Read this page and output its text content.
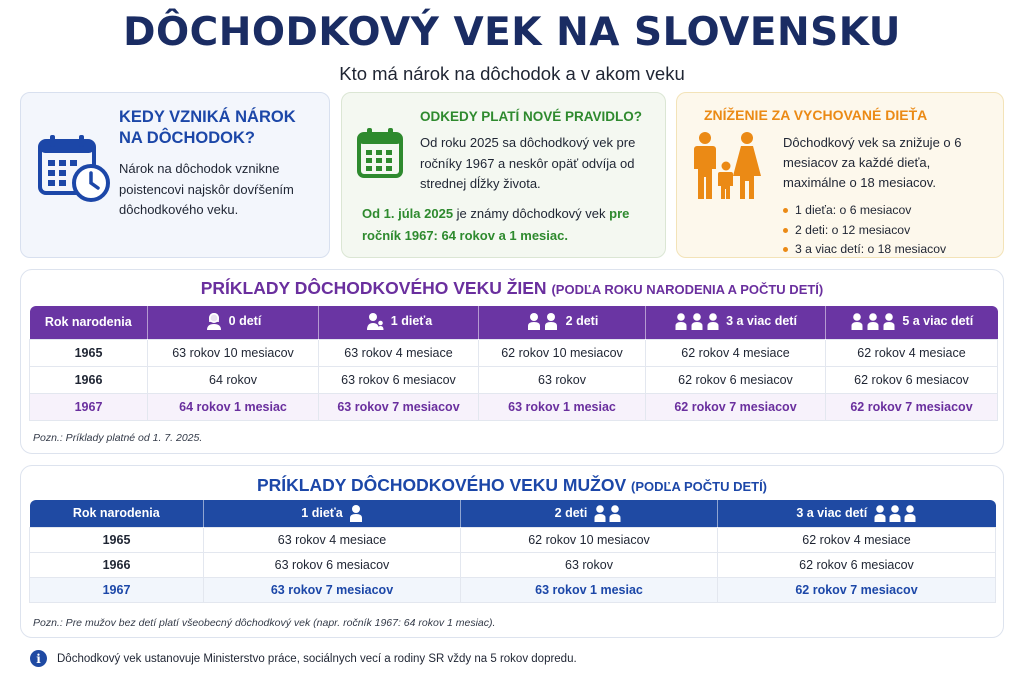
DÔCHODKOVÝ VEK NA SLOVENSKU
Kto má nárok na dôchodok a v akom veku
KEDY VZNIKÁ NÁROK
NA DÔCHODOK?
Nárok na dôchodok vznikne poistencovi najskôr dovŕšením dôchodkového veku.
ODKEDY PLATÍ NOVÉ PRAVIDLO?
Od roku 2025 sa dôchodkový vek pre ročníky 1967 a neskôr opäť odvíja od strednej dĺžky života.
Od 1. júla 2025 je známy dôchodkový vek pre ročník 1967: 64 rokov a 1 mesiac.
ZNÍŽENIE ZA VYCHOVANÉ DIEŤA
Dôchodkový vek sa znižuje o 6 mesiacov za každé dieťa, maximálne o 18 mesiacov.
1 dieťa: o 6 mesiacov
2 deti: o 12 mesiacov
3 a viac detí: o 18 mesiacov
PRÍKLADY DÔCHODKOVÉHO VEKU ŽIEN (PODĽA ROKU NARODENIA A POČTU DETÍ)
Rok narodenia	0 detí	1 dieťa	2 deti	3 a viac detí	5 a viac detí

1965	63 rokov 10 mesiacov	63 rokov 4 mesiace	62 rokov 10 mesiacov	62 rokov 4 mesiace	62 rokov 4 mesiace
1966	64 rokov	63 rokov 6 mesiacov	63 rokov	62 rokov 6 mesiacov	62 rokov 6 mesiacov
1967	64 rokov 1 mesiac	63 rokov 7 mesiacov	63 rokov 1 mesiac	62 rokov 7 mesiacov	62 rokov 7 mesiacov
Pozn.: Príklady platné od 1. 7. 2025.
PRÍKLADY DÔCHODKOVÉHO VEKU MUŽOV (PODĽA POČTU DETÍ)
Rok narodenia	1 dieťa	2 deti	3 a viac detí

1965	63 rokov 4 mesiace	62 rokov 10 mesiacov	62 rokov 4 mesiace
1966	63 rokov 6 mesiacov	63 rokov	62 rokov 6 mesiacov
1967	63 rokov 7 mesiacov	63 rokov 1 mesiac	62 rokov 7 mesiacov
Pozn.: Pre mužov bez detí platí všeobecný dôchodkový vek (napr. ročník 1967: 64 rokov 1 mesiac).
i	Dôchodkový vek ustanovuje Ministerstvo práce, sociálnych vecí a rodiny SR vždy na 5 rokov dopredu.
